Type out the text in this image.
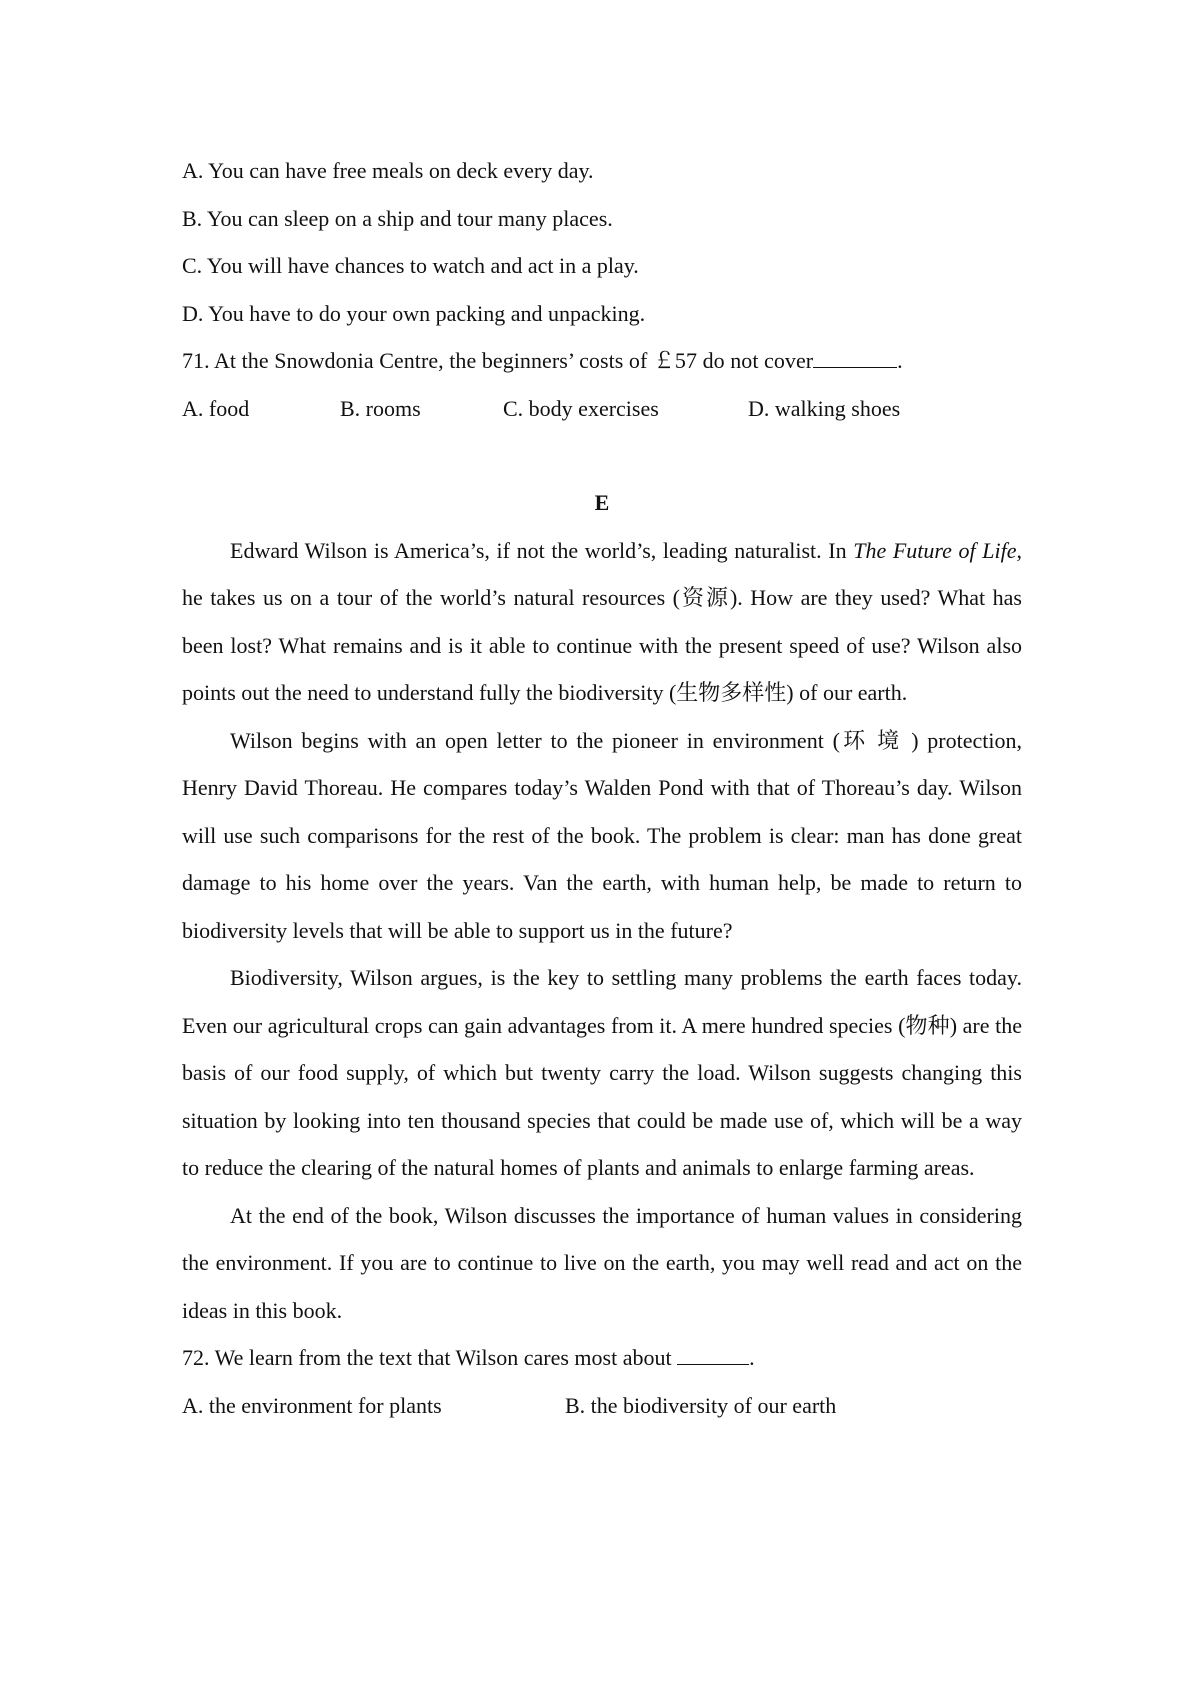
A. You can have free meals on deck every day.

B. You can sleep on a ship and tour many places.

C. You will have chances to watch and act in a play.

D. You have to do your own packing and unpacking.

71. At the Snowdonia Centre, the beginners’ costs of ￡57 do not cover	.

A. food	B. rooms	C. body exercises	D. walking shoes
E

Edward Wilson is America’s, if not the world’s, leading naturalist. In The Future of Life, he takes us on a tour of the world’s natural resources (资源). How are they used? What has been lost? What remains and is it able to continue with the present speed of use? Wilson also points out the need to understand fully the biodiversity (生物多样性) of our earth.

Wilson begins with an open letter to the pioneer in environment (环 境 ) protection, Henry David Thoreau. He compares today’s Walden Pond with that of Thoreau’s day. Wilson will use such comparisons for the rest of the book. The problem is clear: man has done great damage to his home over the years. Van the earth, with human help, be made to return to biodiversity levels that will be able to support us in the future?

Biodiversity, Wilson argues, is the key to settling many problems the earth faces today. Even our agricultural crops can gain advantages from it. A mere hundred species (物种) are the basis of our food supply, of which but twenty carry the load. Wilson suggests changing this situation by looking into ten thousand species that could be made use of, which will be a way to reduce the clearing of the natural homes of plants and animals to enlarge farming areas.

At the end of the book, Wilson discusses the importance of human values in considering the environment. If you are to continue to live on the earth, you may well read and act on the ideas in this book.

72. We learn from the text that Wilson cares most about	.

A. the environment for plants	B. the biodiversity of our earth
